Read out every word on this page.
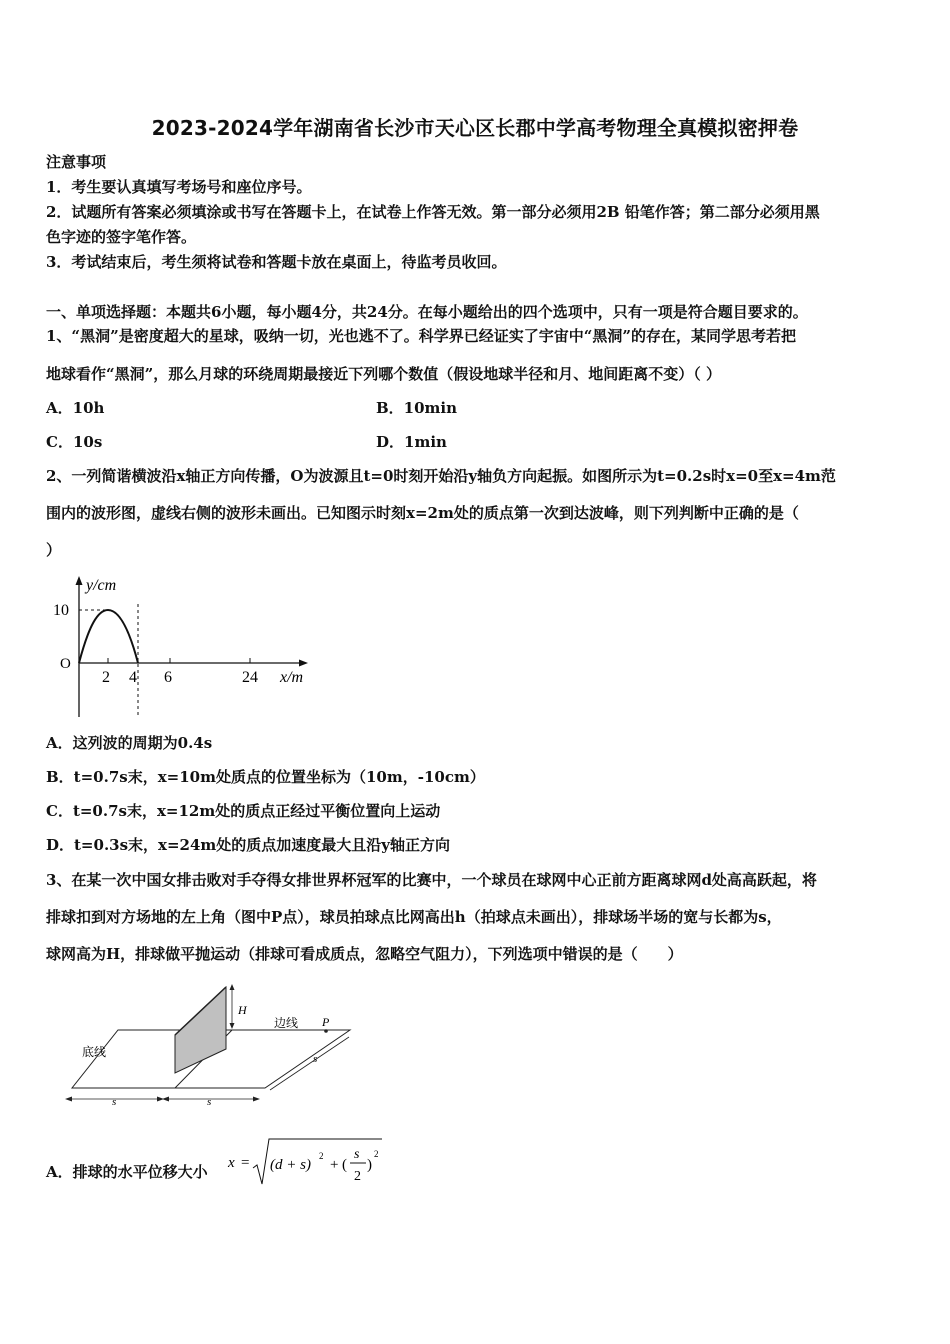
2023-2024学年湖南省长沙市天心区长郡中学高考物理全真模拟密押卷
注意事项
1．考生要认真填写考场号和座位序号。
2．试题所有答案必须填涂或书写在答题卡上，在试卷上作答无效。第一部分必须用2B 铅笔作答；第二部分必须用黑
色字迹的签字笔作答。
3．考试结束后，考生须将试卷和答题卡放在桌面上，待监考员收回。
一、单项选择题：本题共6小题，每小题4分，共24分。在每小题给出的四个选项中，只有一项是符合题目要求的。
1、“黑洞”是密度超大的星球，吸纳一切，光也逃不了。科学界已经证实了宇宙中“黑洞”的存在，某同学思考若把
地球看作“黑洞”，那么月球的环绕周期最接近下列哪个数值（假设地球半径和月、地间距离不变）（ ）
A．10h	B．10min
C．10s	D．1min
2、一列简谐横波沿x轴正方向传播，O为波源且t=0时刻开始沿y轴负方向起振。如图所示为t=0.2s时x=0至x=4m范
围内的波形图，虚线右侧的波形未画出。已知图示时刻x=2m处的质点第一次到达波峰，则下列判断中正确的是（
）
y/cm
x/m
O
10
2 4 6	24
A．这列波的周期为0.4s
B．t=0.7s末，x=10m处质点的位置坐标为（10m，-10cm）
C．t=0.7s末，x=12m处的质点正经过平衡位置向上运动
D．t=0.3s末，x=24m处的质点加速度最大且沿y轴正方向
3、在某一次中国女排击败对手夺得女排世界杯冠军的比赛中，一个球员在球网中心正前方距离球网d处高高跃起，将
排球扣到对方场地的左上角（图中P点），球员拍球点比网高出h（拍球点未画出），排球场半场的宽与长都为s，
球网高为H，排球做平抛运动（排球可看成质点，忽略空气阻力），下列选项中错误的是（　　）
H
边线 P
底线	s
s	s
A．排球的水平位移大小 x = (d + s)
2
+ (
s
2
)
2
